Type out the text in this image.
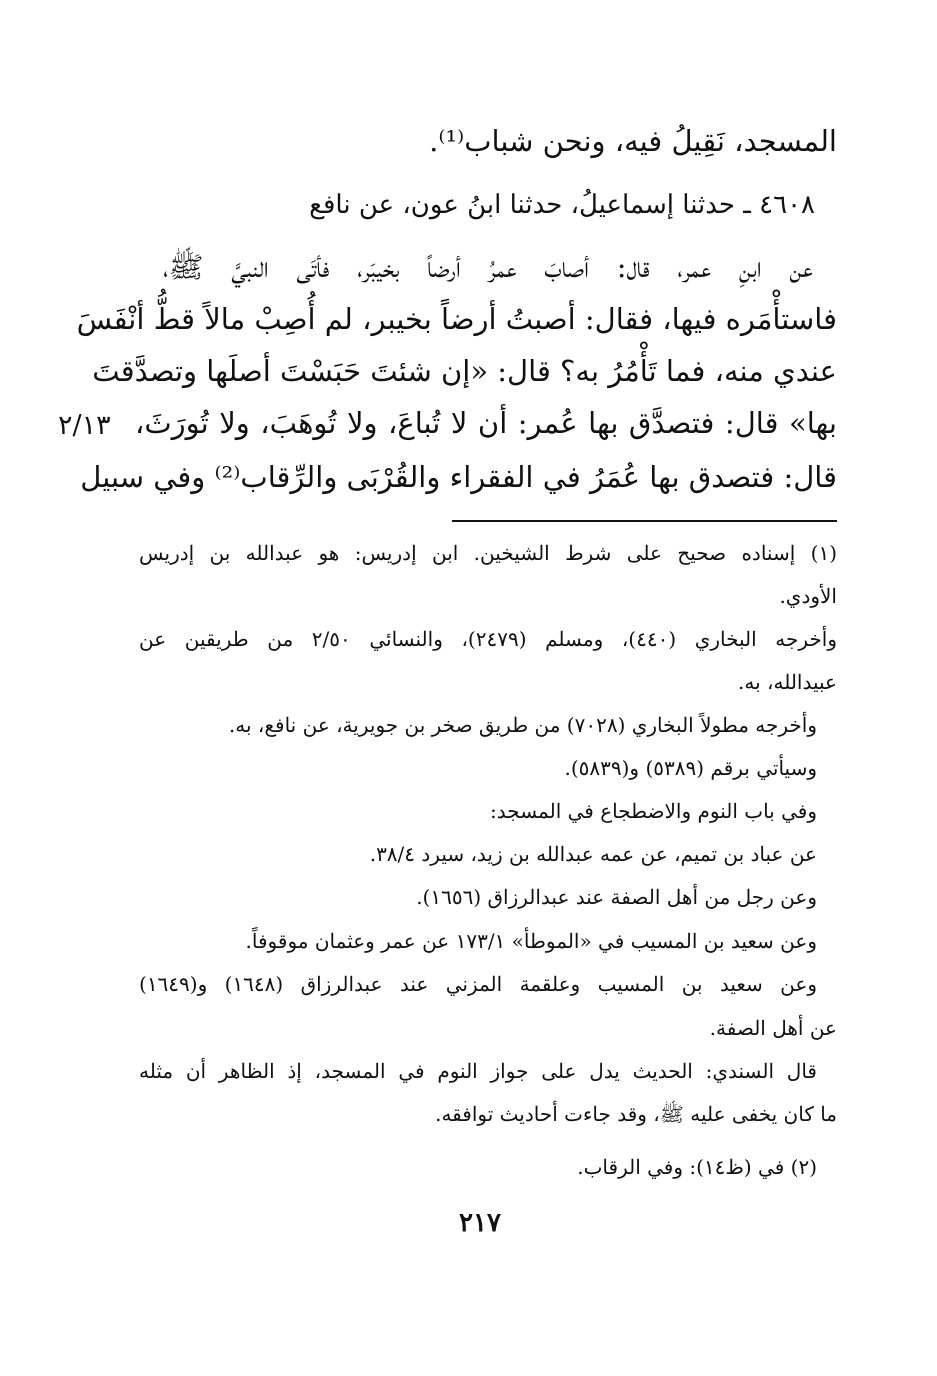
المسجد، نَقِيلُ فيه، ونحن شباب⁽¹⁾.
٤٦٠٨ ـ حدثنا إسماعيلُ، حدثنا ابنُ عون، عن نافع
عن ابنِ عمر، قال: أصابَ عمرُ أرضاً بخيبَر، فأتَى النبيَّ ﷺ،
فاستأْمَره فيها، فقال: أصبتُ أرضاً بخيبر، لم أُصِبْ مالاً قطُّ أنْفَسَ
عندي منه، فما تَأْمُرُ به؟ قال: «إن شئتَ حَبَسْتَ أصلَها وتصدَّقتَ
بها» قال: فتصدَّق بها عُمر: أن لا تُباعَ، ولا تُوهَبَ، ولا تُورَثَ،
قال: فتصدق بها عُمَرُ في الفقراء والقُرْبَى والرِّقاب⁽²⁾ وفي سبيل
٢/١٣
(١) إسناده صحيح على شرط الشيخين. ابن إدريس: هو عبدالله بن إدريس
الأودي.
وأخرجه البخاري (٤٤٠)، ومسلم (٢٤٧٩)، والنسائي ٢/٥٠ من طريقين عن
عبيدالله، به.
وأخرجه مطولاً البخاري (٧٠٢٨) من طريق صخر بن جويرية، عن نافع، به.
وسيأتي برقم (٥٣٨٩) و(٥٨٣٩).
وفي باب النوم والاضطجاع في المسجد:
عن عباد بن تميم، عن عمه عبدالله بن زيد، سيرد ٣٨/٤.
وعن رجل من أهل الصفة عند عبدالرزاق (١٦٥٦).
وعن سعيد بن المسيب في «الموطأ» ١٧٣/١ عن عمر وعثمان موقوفاً.
وعن سعيد بن المسيب وعلقمة المزني عند عبدالرزاق (١٦٤٨) و(١٦٤٩)
عن أهل الصفة.
قال السندي: الحديث يدل على جواز النوم في المسجد، إذ الظاهر أن مثله
ما كان يخفى عليه ﷺ، وقد جاءت أحاديث توافقه.
(٢) في (ظ١٤): وفي الرقاب.
٢١٧
